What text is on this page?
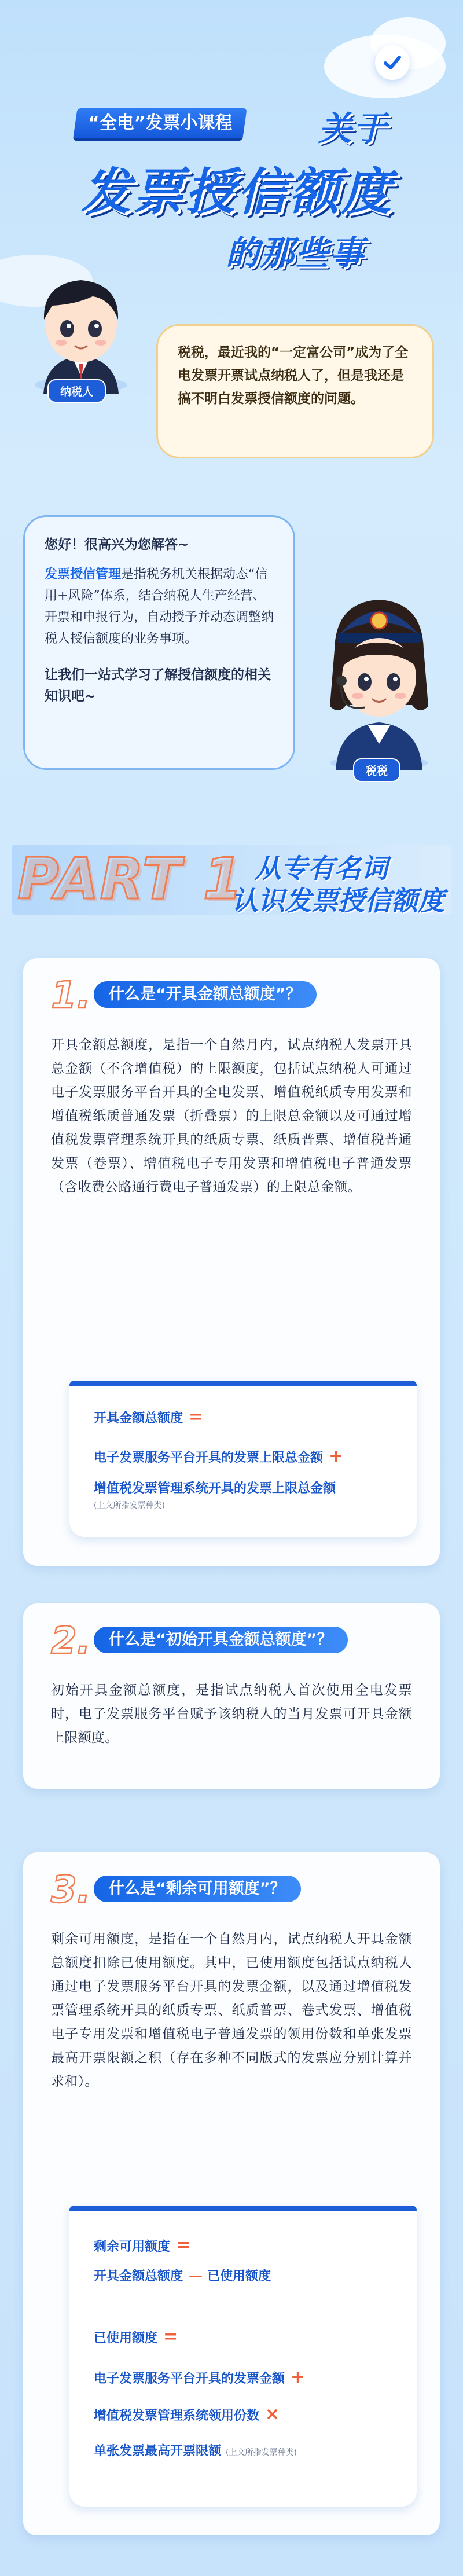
“全电”发票小课程	关于
发票授信额度
的那些事
纳税人
税税，最近我的“一定富公司”成为了全电发票开票试点纳税人了，但是我还是搞不明白发票授信额度的问题。
您好！很高兴为您解答~
发票授信管理是指税务机关根据动态“信用+风险”体系，结合纳税人生产经营、开票和申报行为，自动授予并动态调整纳税人授信额度的业务事项。
让我们一站式学习了解授信额度的相关知识吧~
税税
PART 1 从专有名词
认识发票授信额度
1.	什么是“开具金额总额度”？
开具金额总额度，是指一个自然月内，试点纳税人发票开具总金额（不含增值税）的上限额度，包括试点纳税人可通过电子发票服务平台开具的全电发票、增值税纸质专用发票和增值税纸质普通发票（折叠票）的上限总金额以及可通过增值税发票管理系统开具的纸质专票、纸质普票、增值税普通发票（卷票）、增值税电子专用发票和增值税电子普通发票（含收费公路通行费电子普通发票）的上限总金额。
开具金额总额度 =
电子发票服务平台开具的发票上限总金额 +
增值税发票管理系统开具的发票上限总金额
(上文所指发票种类)
2.	什么是“初始开具金额总额度”？
初始开具金额总额度，是指试点纳税人首次使用全电发票时，电子发票服务平台赋予该纳税人的当月发票可开具金额上限额度。
3.	什么是“剩余可用额度”？
剩余可用额度，是指在一个自然月内，试点纳税人开具金额总额度扣除已使用额度。其中，已使用额度包括试点纳税人通过电子发票服务平台开具的发票金额，以及通过增值税发票管理系统开具的纸质专票、纸质普票、卷式发票、增值税电子专用发票和增值税电子普通发票的领用份数和单张发票最高开票限额之积（存在多种不同版式的发票应分别计算并求和）。
剩余可用额度 =
开具金额总额度 — 已使用额度
已使用额度 =
电子发票服务平台开具的发票金额 +
增值税发票管理系统领用份数 ×
单张发票最高开票限额 (上文所指发票种类)
